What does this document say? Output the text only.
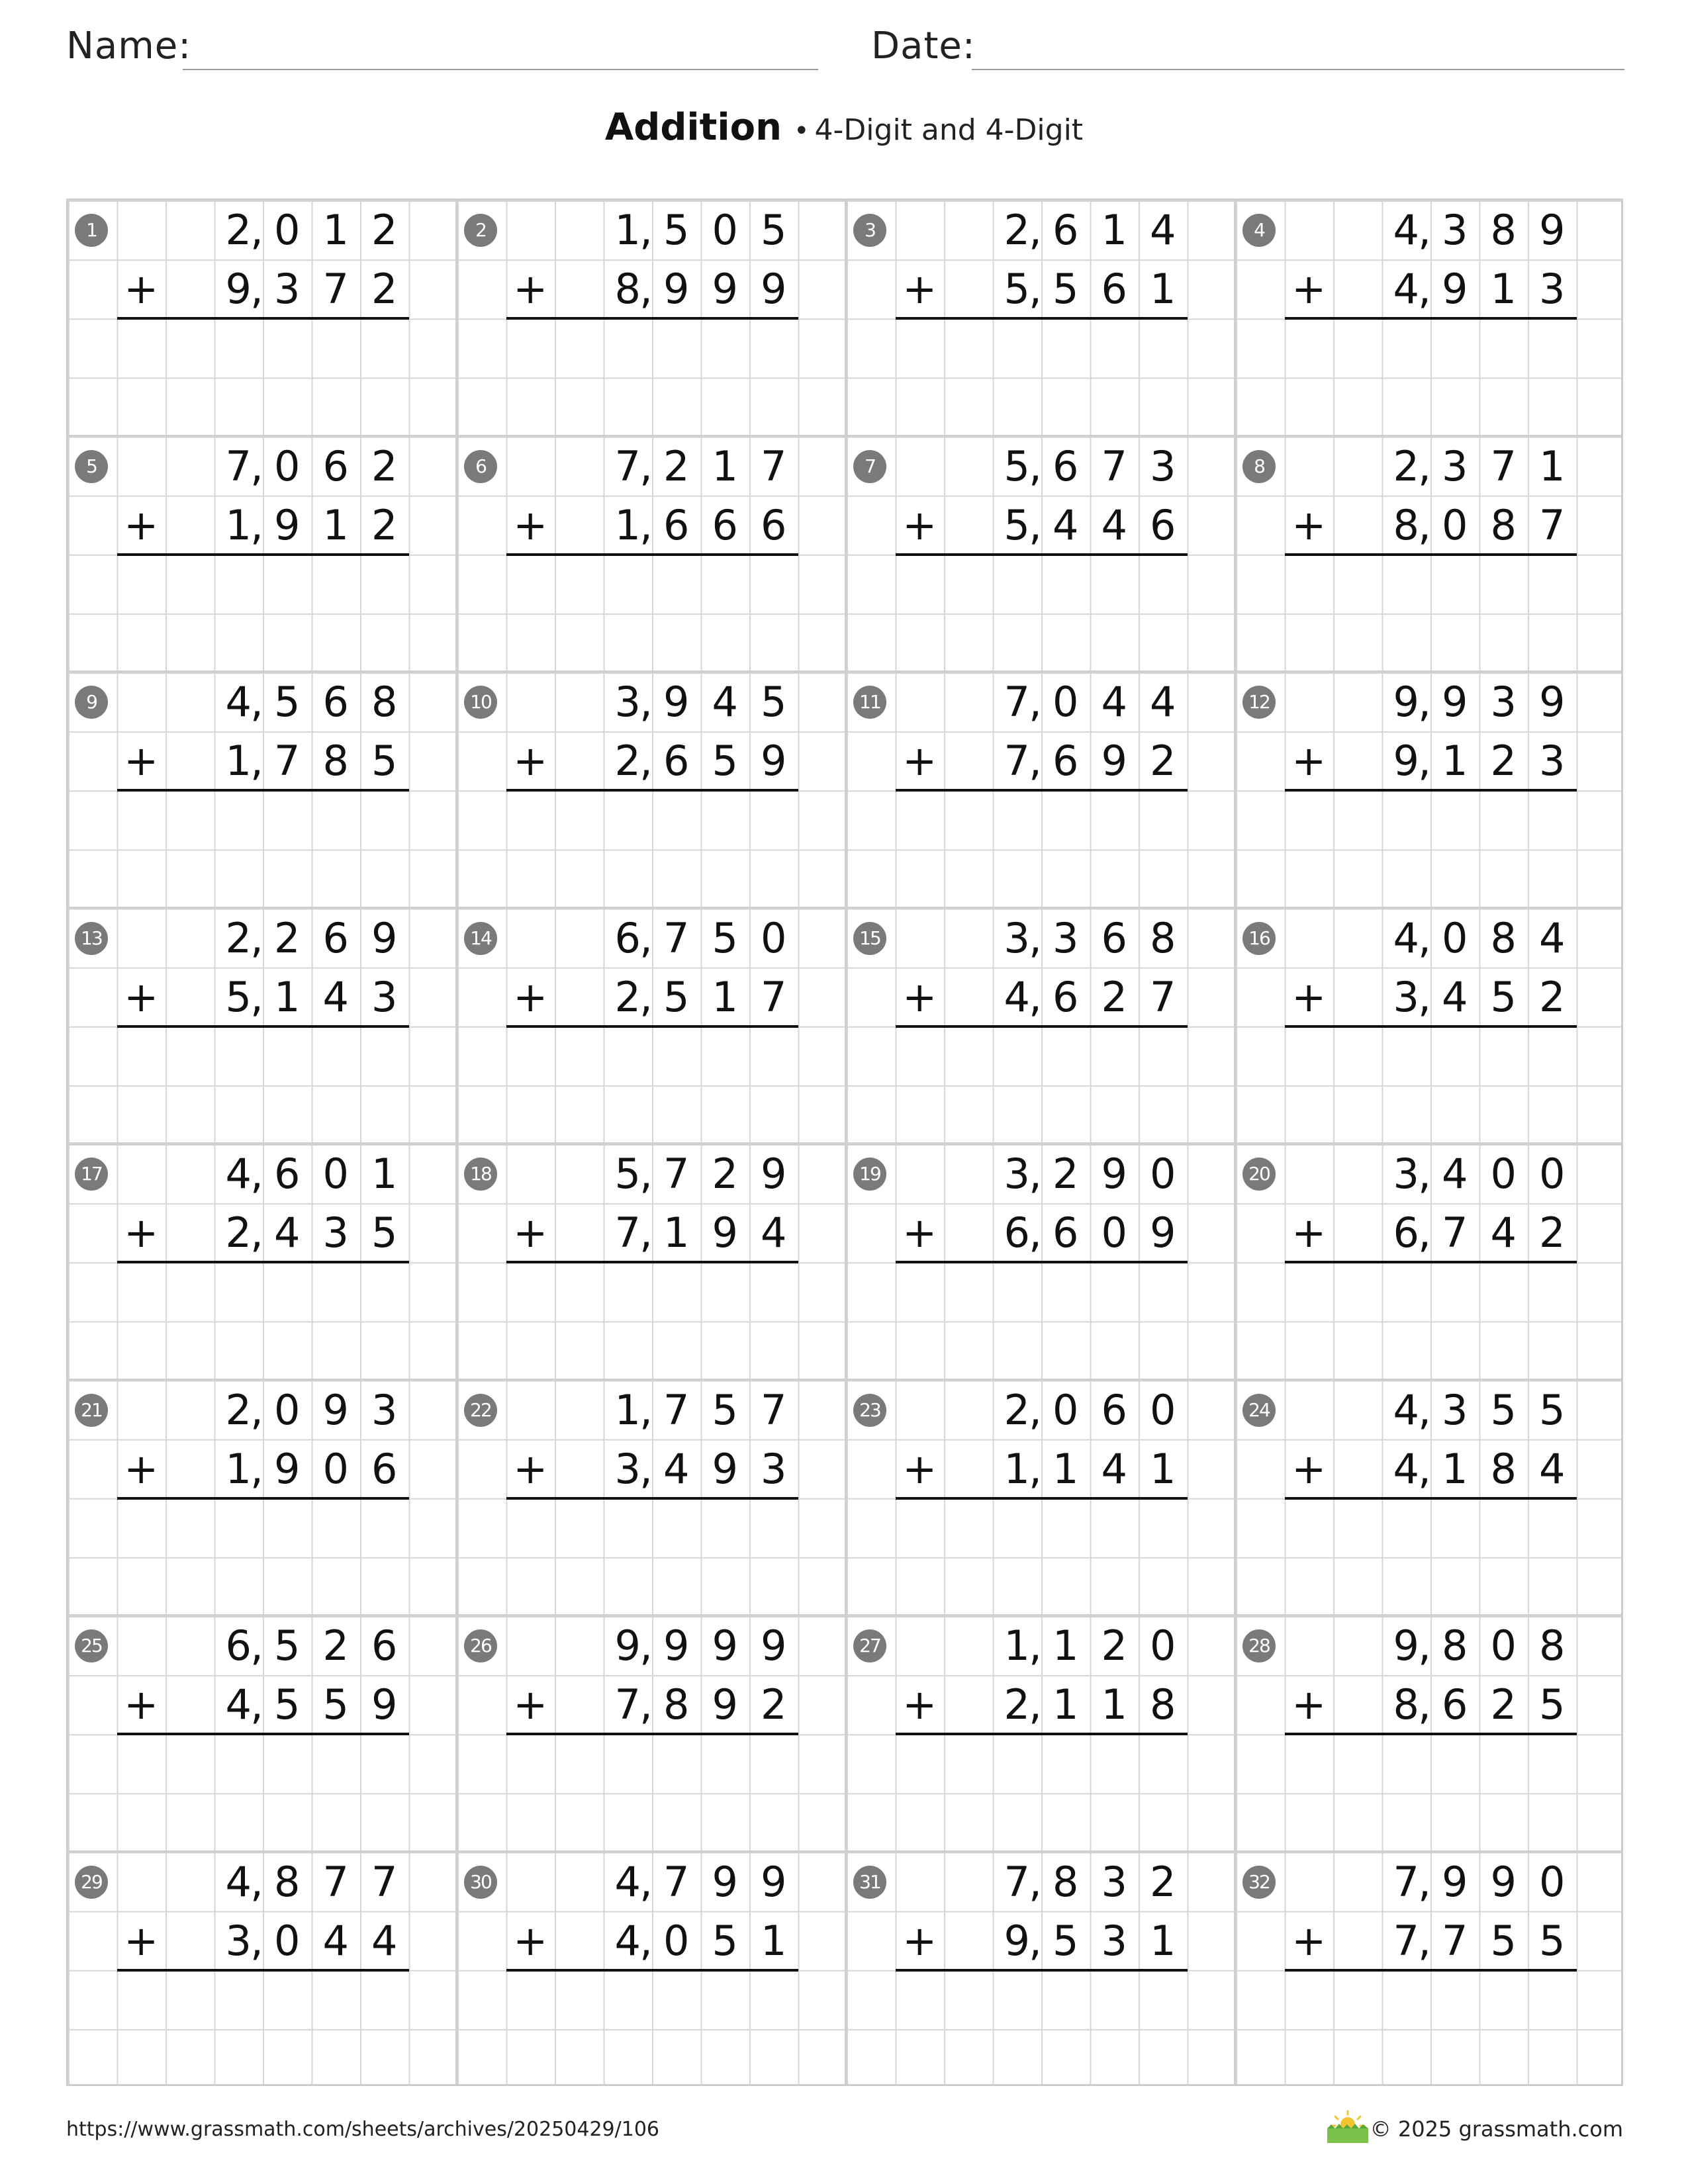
Name:	Date:
Addition • 4-Digit and 4-Digit
1	2 0 1 2
,
9 3 7 2
,
+
2	1 5 0 5
,
8 9 9 9
,
+
3	2 6 1 4
,
5 5 6 1
,
+
4	4 3 8 9
,
4 9 1 3
,
+
5	7 0 6 2
,
1 9 1 2
,
+
6	7 2 1 7
,
1 6 6 6
,
+
7	5 6 7 3
,
5 4 4 6
,
+
8	2 3 7 1
,
8 0 8 7
,
+
9	4 5 6 8
,
1 7 8 5
,
+
10	3 9 4 5
,
2 6 5 9
,
+
11	7 0 4 4
,
7 6 9 2
,
+
12	9 9 3 9
,
9 1 2 3
,
+
13	2 2 6 9
,
5 1 4 3
,
+
14	6 7 5 0
,
2 5 1 7
,
+
15	3 3 6 8
,
4 6 2 7
,
+
16	4 0 8 4
,
3 4 5 2
,
+
17	4 6 0 1
,
2 4 3 5
,
+
18	5 7 2 9
,
7 1 9 4
,
+
19	3 2 9 0
,
6 6 0 9
,
+
20	3 4 0 0
,
6 7 4 2
,
+
21	2 0 9 3
,
1 9 0 6
,
+
22	1 7 5 7
,
3 4 9 3
,
+
23	2 0 6 0
,
1 1 4 1
,
+
24	4 3 5 5
,
4 1 8 4
,
+
25	6 5 2 6
,
4 5 5 9
,
+
26	9 9 9 9
,
7 8 9 2
,
+
27	1 1 2 0
,
2 1 1 8
,
+
28	9 8 0 8
,
8 6 2 5
,
+
29	4 8 7 7
,
3 0 4 4
,
+
30	4 7 9 9
,
4 0 5 1
,
+
31	7 8 3 2
,
9 5 3 1
,
+
32	7 9 9 0
,
7 7 5 5
,
+
https://www.grassmath.com/sheets/archives/20250429/106	© 2025 grassmath.com
